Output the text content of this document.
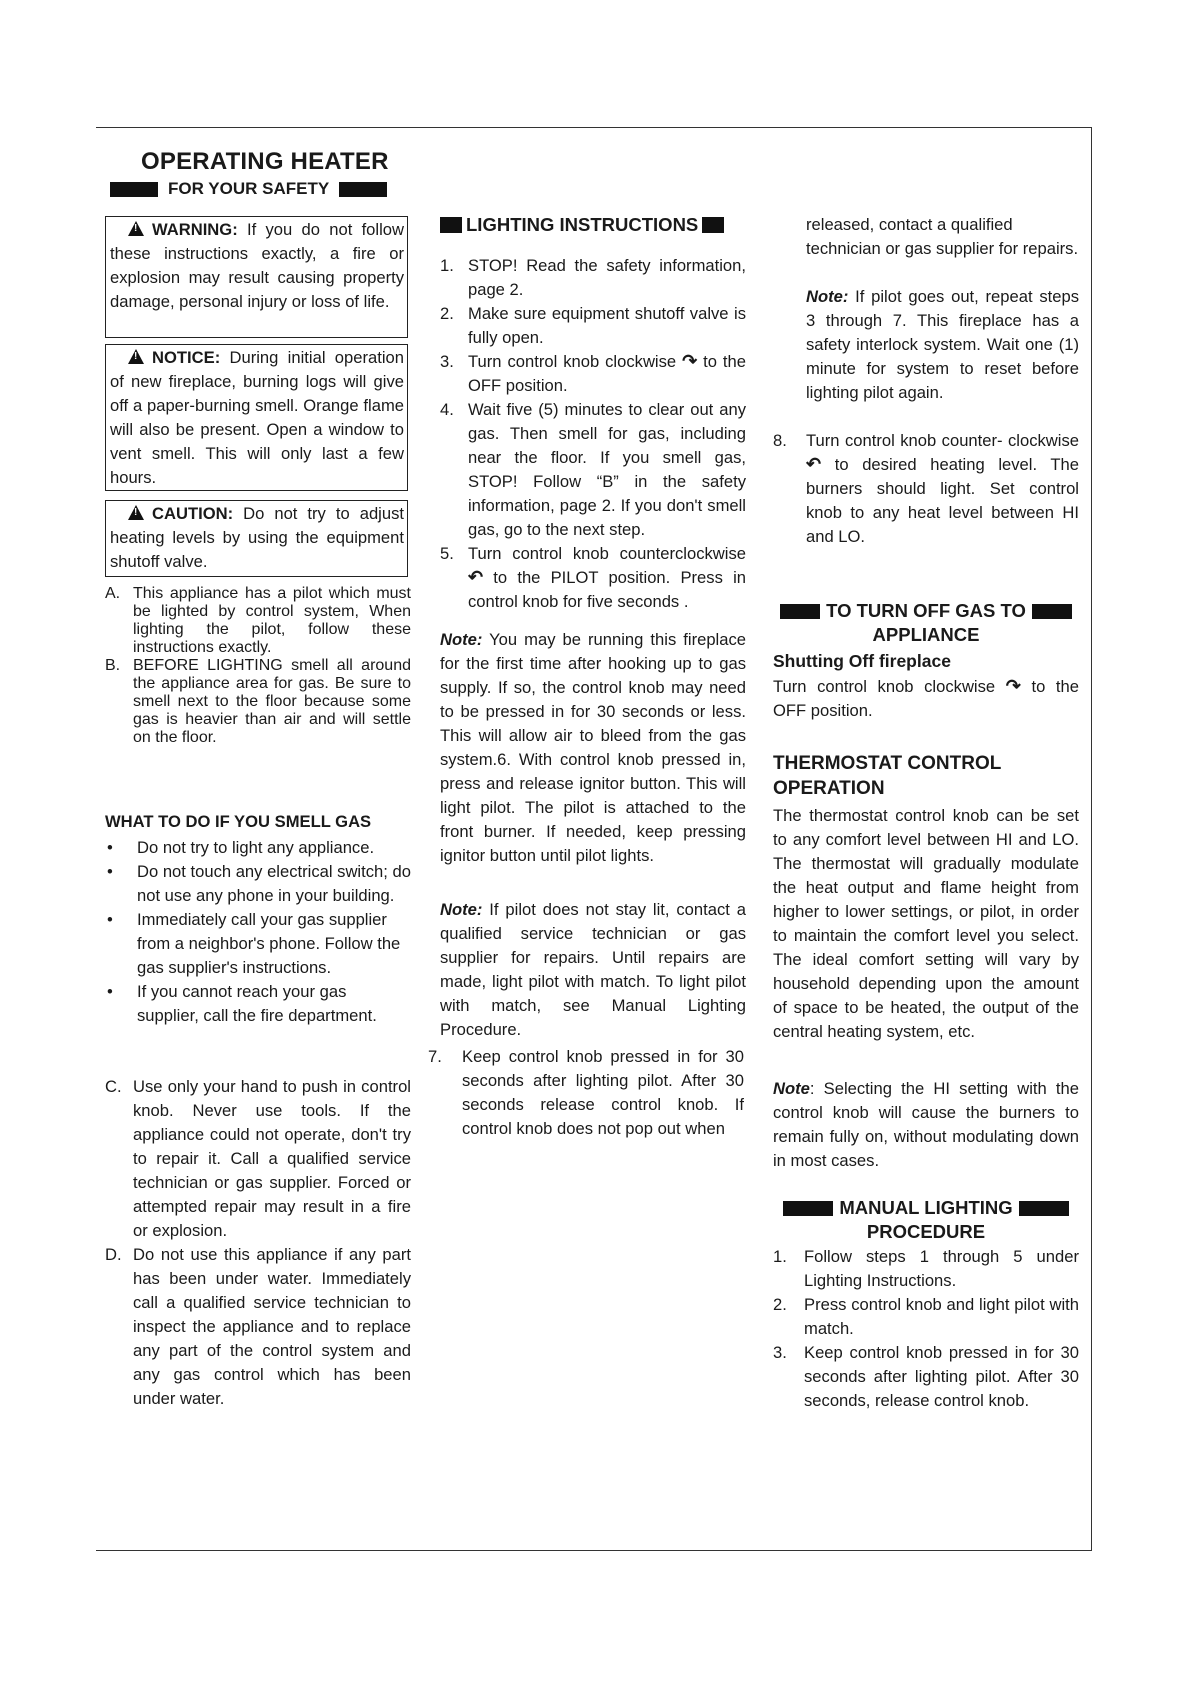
OPERATING HEATER
FOR YOUR SAFETY
!WARNING: If you do not follow these instructions exactly, a fire or explosion may result causing property damage, personal injury or loss of life.
!NOTICE: During initial operation of new fireplace, burning logs will give off a paper-burning smell. Orange flame will also be present. Open a window to vent smell. This will only last a few hours.
!CAUTION: Do not try to adjust heating levels by using the equipment shutoff valve.
A. This appliance has a pilot which must be lighted by control system, When lighting the pilot, follow these instructions exactly.
B. BEFORE LIGHTING smell all around the appliance area for gas. Be sure to smell next to the floor because some gas is heavier than air and will settle on the floor.
WHAT TO DO IF YOU SMELL GAS
• Do not try to light any appliance.
• Do not touch any electrical switch; do not use any phone in your building.
• Immediately call your gas supplier from a neighbor's phone. Follow the gas supplier's instructions.
• If you cannot reach your gas supplier, call the fire department.
C. Use only your hand to push in control knob. Never use tools. If the appliance could not operate, don't try to repair it. Call a qualified service technician or gas supplier. Forced or attempted repair may result in a fire or explosion.
D. Do not use this appliance if any part has been under water. Immediately call a qualified service technician to inspect the appliance and to replace any part of the control system and any gas control which has been under water.
LIGHTING INSTRUCTIONS
1. STOP! Read the safety information, page 2.
2. Make sure equipment shutoff valve is fully open.
3. Turn control knob clockwise ↷ to the OFF position.
4. Wait five (5) minutes to clear out any gas. Then smell for gas, including near the floor. If you smell gas, STOP! Follow “B” in the safety information, page 2. If you don't smell gas, go to the next step.
5. Turn control knob counterclockwise ↶ to the PILOT position. Press in control knob for five seconds .
Note: You may be running this fireplace for the first time after hooking up to gas supply. If so, the control knob may need to be pressed in for 30 seconds or less. This will allow air to bleed from the gas system.6. With control knob pressed in, press and release ignitor button. This will light pilot. The pilot is attached to the front burner. If needed, keep pressing ignitor button until pilot lights.
Note: If pilot does not stay lit, contact a qualified service technician or gas supplier for repairs. Until repairs are made, light pilot with match. To light pilot with match, see Manual Lighting Procedure.
7. Keep control knob pressed in for 30 seconds after lighting pilot. After 30 seconds release control knob. If control knob does not pop out when
released, contact a qualified technician or gas supplier for repairs.
Note: If pilot goes out, repeat steps 3 through 7. This fireplace has a safety interlock system. Wait one (1) minute for system to reset before lighting pilot again.
8. Turn control knob counter- clockwise ↶ to desired heating level. The burners should light. Set control knob to any heat level between HI and LO.
TO TURN OFF GAS TO
APPLIANCE
Shutting Off fireplace
Turn control knob clockwise ↷ to the OFF position.
THERMOSTAT CONTROL
OPERATION
The thermostat control knob can be set to any comfort level between HI and LO. The thermostat will gradually modulate the heat output and flame height from higher to lower settings, or pilot, in order to maintain the comfort level you select. The ideal comfort setting will vary by household depending upon the amount of space to be heated, the output of the central heating system, etc.
Note: Selecting the HI setting with the control knob will cause the burners to remain fully on, without modulating down in most cases.
MANUAL LIGHTING
PROCEDURE
1. Follow steps 1 through 5 under Lighting Instructions.
2. Press control knob and light pilot with match.
3. Keep control knob pressed in for 30 seconds after lighting pilot. After 30 seconds, release control knob.
